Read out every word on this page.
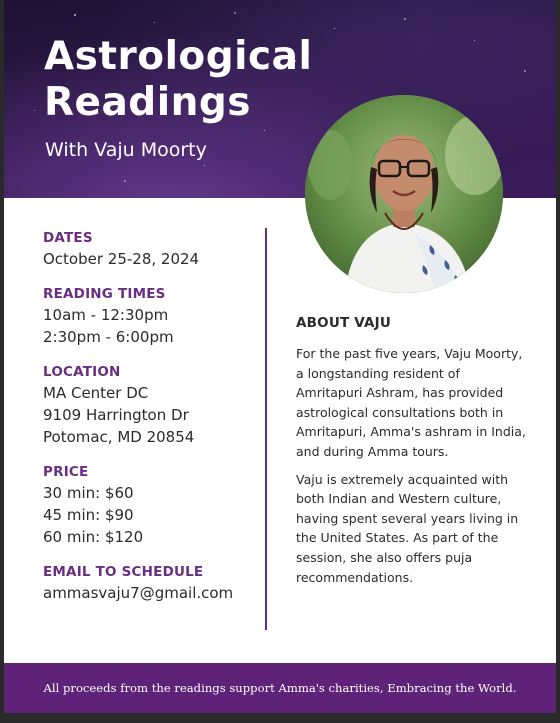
Astrological
Readings
With Vaju Moorty
DATES
October 25-28, 2024
READING TIMES
10am - 12:30pm
2:30pm - 6:00pm
LOCATION
MA Center DC
9109 Harrington Dr
Potomac, MD 20854
PRICE
30 min: $60
45 min: $90
60 min: $120
EMAIL TO SCHEDULE
ammasvaju7@gmail.com
ABOUT VAJU

For the past five years, Vaju Moorty, a longstanding resident of Amritapuri Ashram, has provided astrological consultations both in Amritapuri, Amma's ashram in India, and during Amma tours.

Vaju is extremely acquainted with both Indian and Western culture, having spent several years living in the United States. As part of the session, she also offers puja recommendations.

All proceeds from the readings support Amma's charities, Embracing the World.
